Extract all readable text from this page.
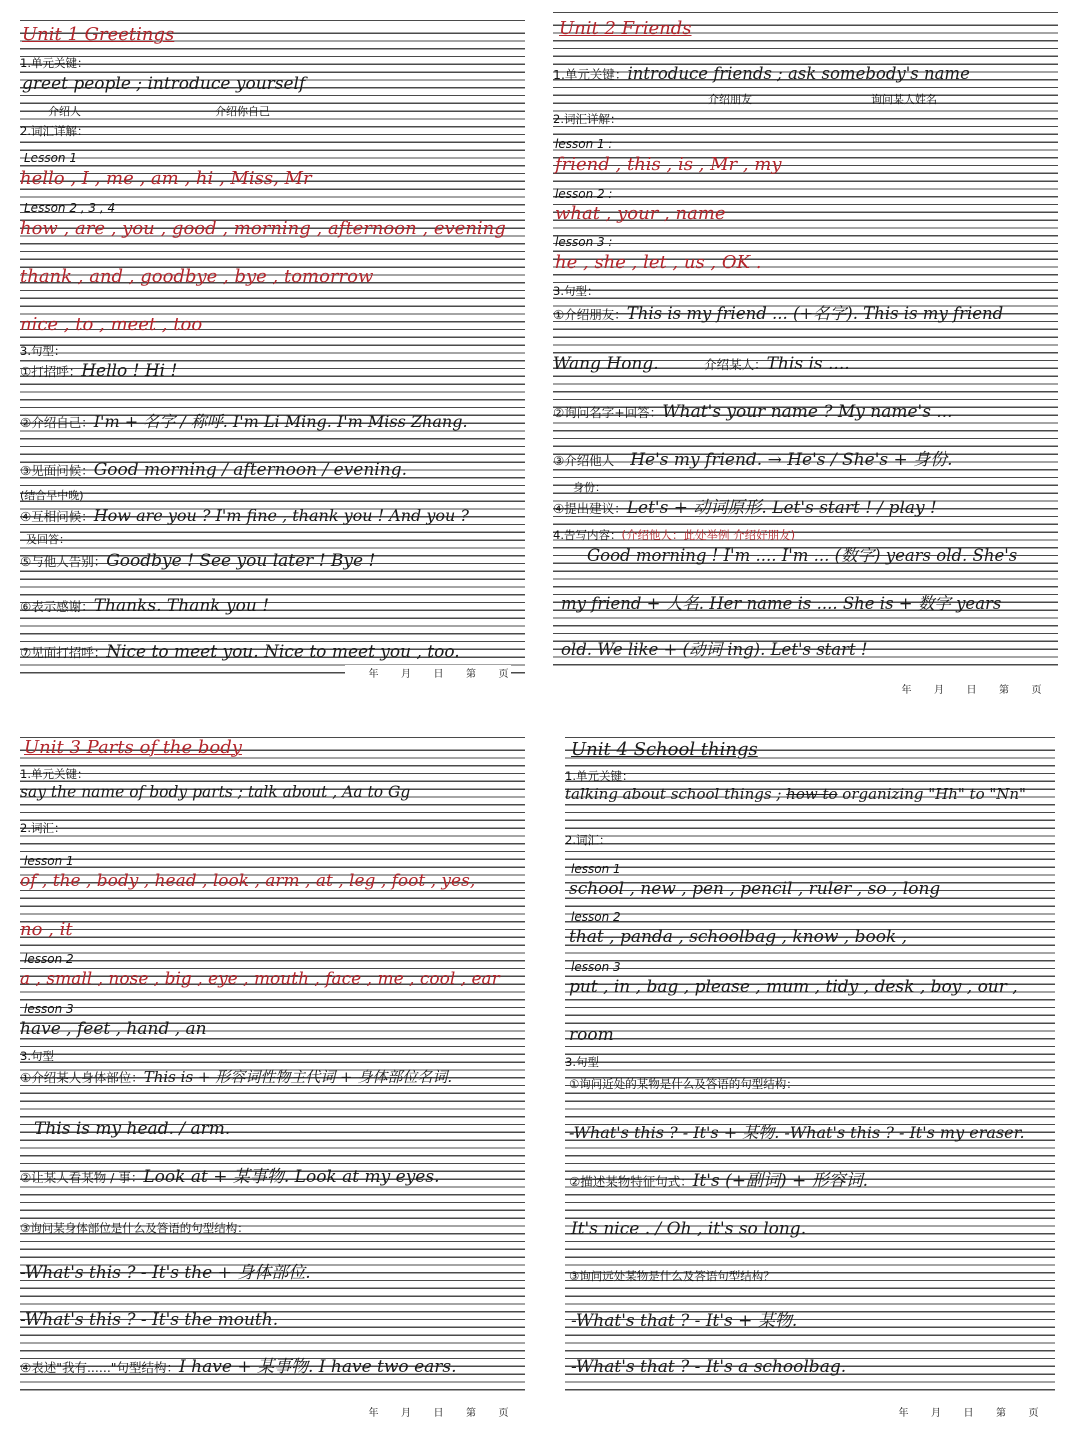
Unit 1 Greetings
1.单元关键：
greet people ; introduce yourself
介绍人	介绍你自己
2.词汇详解：
Lesson 1
hello , I , me , am , hi , Miss, Mr
Lesson 2 , 3 , 4
how , are , you , good , morning , afternoon , evening
thank , and , goodbye , bye , tomorrow
nice , to , meet , too
3.句型：
①打招呼：Hello ! Hi !
②介绍自己：I'm + 名字 / 称呼. I'm Li Ming. I'm Miss Zhang.
③见面问候：Good morning / afternoon / evening.
(结合早中晚)
④互相问候：How are you ? I'm fine , thank you ! And you ?
及回答：
⑤与他人告别：Goodbye ! See you later ! Bye !
⑥表示感谢：Thanks. Thank you !
⑦见面打招呼：Nice to meet you. Nice to meet you , too.
年 月 日 第 页
Unit 2 Friends
1.单元关键：introduce friends ; ask somebody's name
介绍朋友	询问某人姓名
2.词汇详解：
lesson 1 :
friend , this , is , Mr , my
lesson 2 :
what , your , name
lesson 3 :
he , she , let , us , OK .
3.句型：
①介绍朋友：This is my friend ... (+名字). This is my friend
Wang Hong.	介绍某人：This is ....
②询问名字+回答：What's your name ? My name's ...
③介绍他人 He's my friend. → He's / She's + 身份.
身份：
④提出建议：Let's + 动词原形. Let's start ! / play !
4.告写内容：(介绍他人：此处举例 介绍好朋友)
Good morning ! I'm .... I'm ... (数字) years old. She's
my friend + 人名. Her name is .... She is + 数字 years
old. We like + (动词 ing). Let's start !
年 月 日 第 页
Unit 3 Parts of the body
1.单元关键：
say the name of body parts ; talk about , Aa to Gg
2.词汇：
lesson 1
of , the , body , head , look , arm , at , leg , foot , yes,
no , it
lesson 2
a , small , nose , big , eye , mouth , face , me , cool , ear
lesson 3
have , feet , hand , an
3.句型
①介绍某人身体部位：This is + 形容词性物主代词 + 身体部位名词.
This is my head. / arm.
②让某人看某物 / 事：Look at + 某事物. Look at my eyes.
③询问某身体部位是什么及答语的句型结构：
-What's this ? - It's the + 身体部位.
-What's this ? - It's the mouth.
④表述"我有......"句型结构：I have + 某事物. I have two ears.
年 月 日 第 页
Unit 4 School things
1.单元关键：
talking about school things ; how to organizing "Hh" to "Nn"
2.词汇：
lesson 1
school , new , pen , pencil , ruler , so , long
lesson 2
that , panda , schoolbag , know , book ,
lesson 3
put , in , bag , please , mum , tidy , desk , boy , our ,
room
3.句型
①询问近处的某物是什么及答语的句型结构：
-What's this ? - It's + 某物. -What's this ? - It's my eraser.
②描述某物特征句式：It's (+副词) + 形容词.
It's nice . / Oh , it's so long.
③询问远处某物是什么及答语句型结构？
-What's that ? - It's + 某物.
-What's that ? - It's a schoolbag.
年 月 日 第 页
